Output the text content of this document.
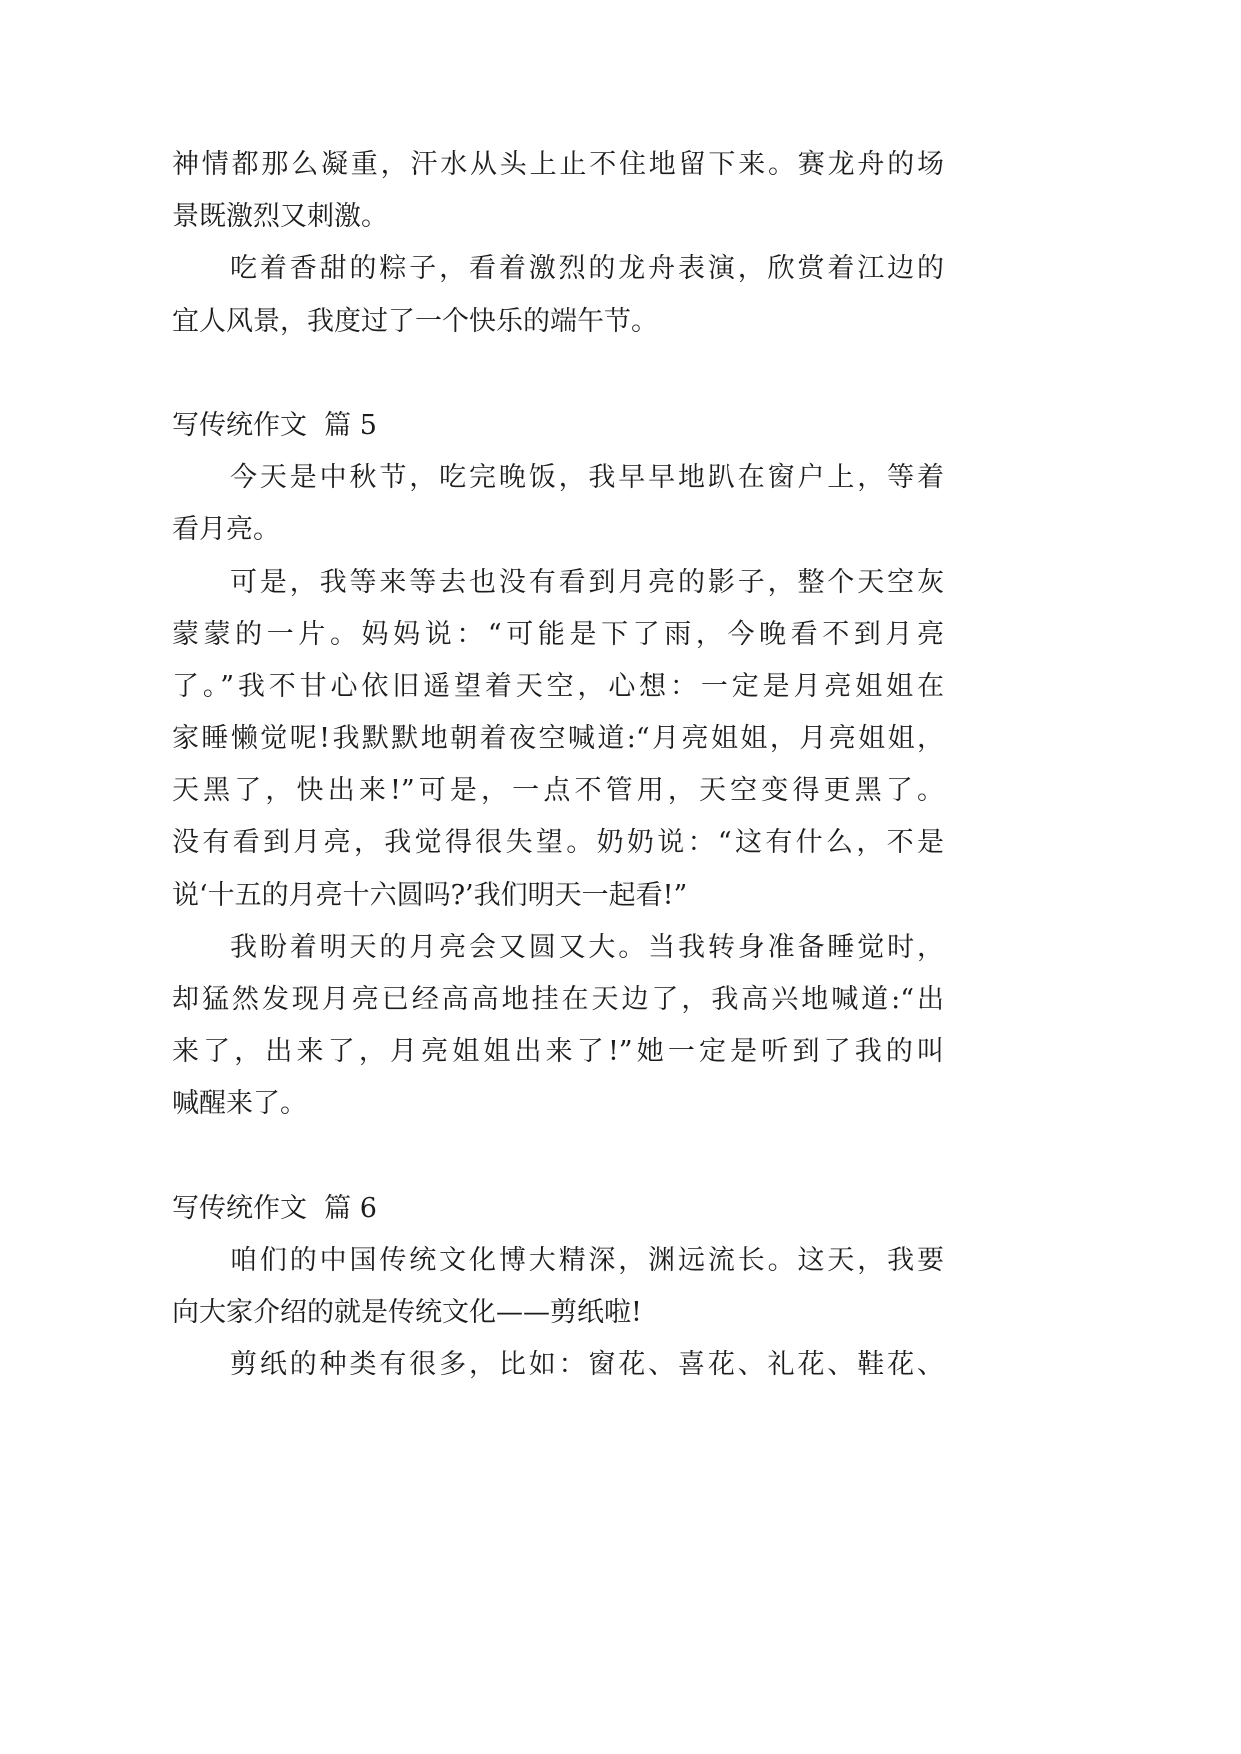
神情都那么凝重，汗水从头上止不住地留下来。赛龙舟的场
景既激烈又刺激。
吃着香甜的粽子，看着激烈的龙舟表演，欣赏着江边的
宜人风景，我度过了一个快乐的端午节。
写传统作文  篇 5
今天是中秋节，吃完晚饭，我早早地趴在窗户上，等着
看月亮。
可是，我等来等去也没有看到月亮的影子，整个天空灰
蒙蒙的一片。妈妈说：“可能是下了雨，今晚看不到月亮
了。”我不甘心依旧遥望着天空，心想：一定是月亮姐姐在
家睡懒觉呢!我默默地朝着夜空喊道:“月亮姐姐，月亮姐姐，
天黑了，快出来!”可是，一点不管用，天空变得更黑了。
没有看到月亮，我觉得很失望。奶奶说：“这有什么，不是
说‘十五的月亮十六圆吗?’我们明天一起看!”
我盼着明天的月亮会又圆又大。当我转身准备睡觉时，
却猛然发现月亮已经高高地挂在天边了，我高兴地喊道:“出
来了，出来了，月亮姐姐出来了!”她一定是听到了我的叫
喊醒来了。
写传统作文  篇 6
咱们的中国传统文化博大精深，渊远流长。这天，我要
向大家介绍的就是传统文化——剪纸啦!
剪纸的种类有很多，比如：窗花、喜花、礼花、鞋花、
